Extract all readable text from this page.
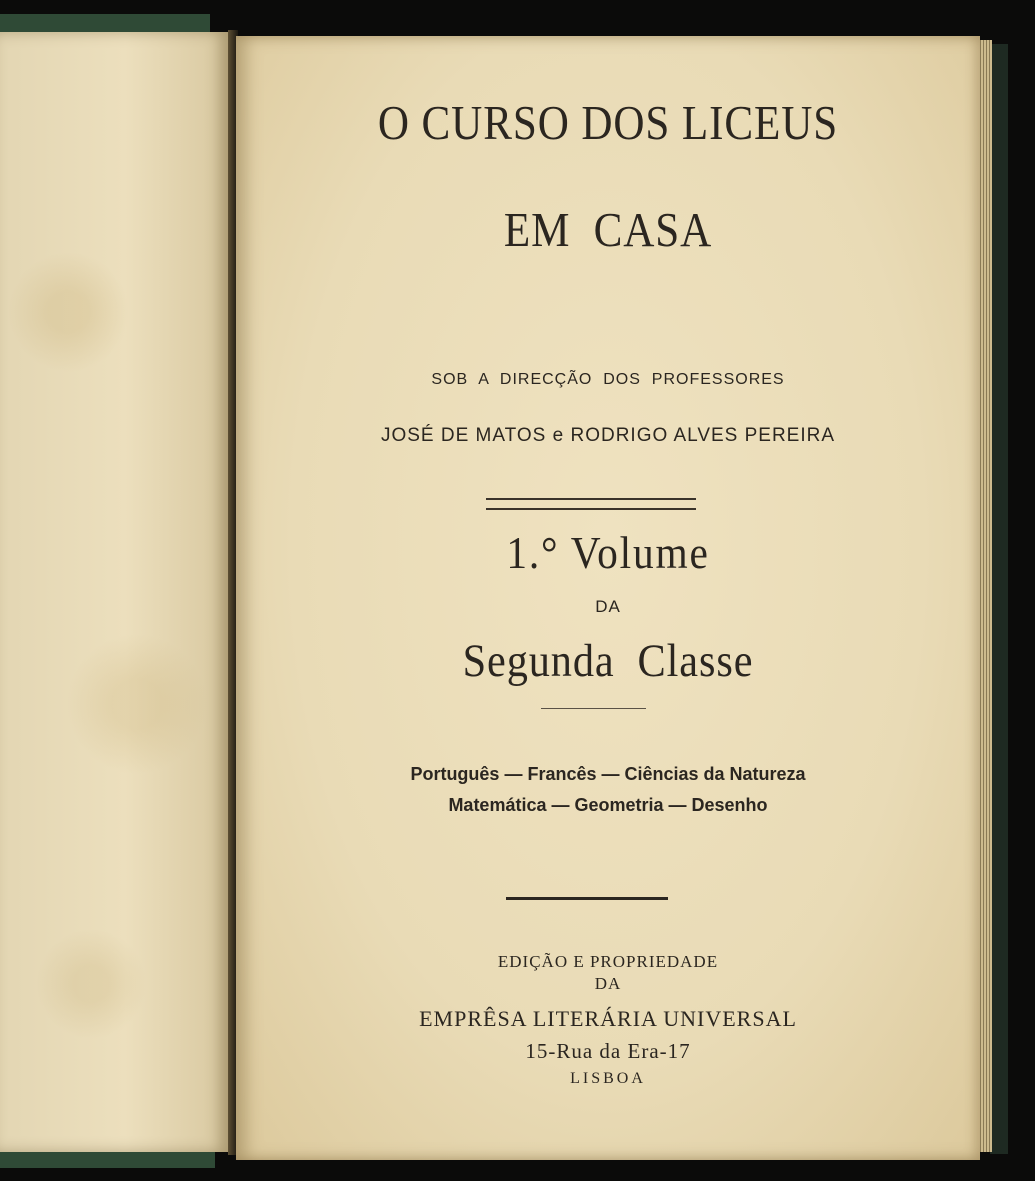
O CURSO DOS LICEUS
EM  CASA
SOB  A  DIRECÇÃO  DOS  PROFESSORES
JOSÉ DE MATOS e RODRIGO ALVES PEREIRA
1.° Volume
DA
Segunda  Classe
Português — Francês — Ciências da Natureza
Matemática — Geometria — Desenho
EDIÇÃO E PROPRIEDADE
DA
EMPRÊSA LITERÁRIA UNIVERSAL
15-Rua da Era-17
LISBOA
